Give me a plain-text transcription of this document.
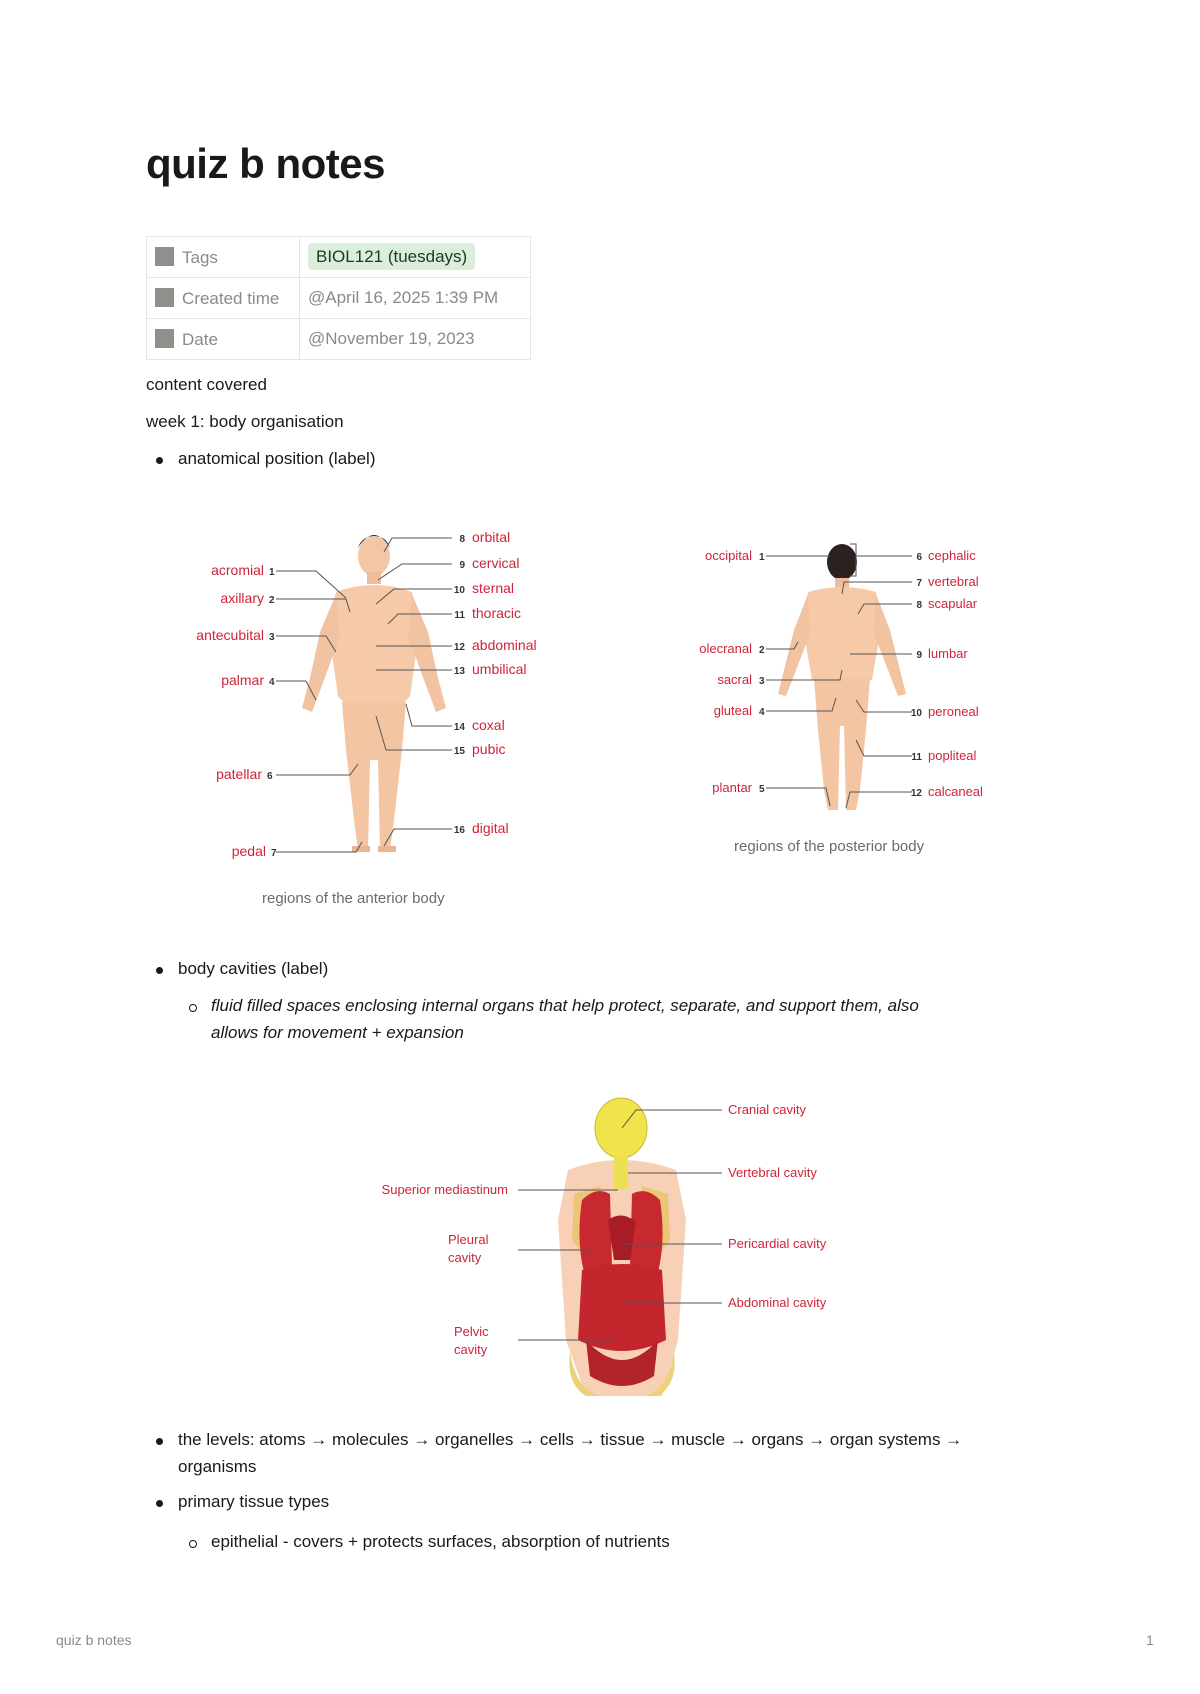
quiz b notes
Tags	BIOL121 (tuesdays)
Created time	@April 16, 2025 1:39 PM
Date	@November 19, 2023
content covered
week 1: body organisation
anatomical position (label)
acromial 1
axillary 2
antecubital 3
palmar 4
patellar 6
pedal 7
8 orbital
9 cervical
10 sternal
11 thoracic
12 abdominal
13 umbilical
14 coxal
15 pubic
16 digital
regions of the anterior body
occipital 1
olecranal 2
sacral 3
gluteal 4
plantar 5
6 cephalic
7 vertebral
8 scapular
9 lumbar
10 peroneal
11 popliteal
12 calcaneal
regions of the posterior body
body cavities (label)
fluid filled spaces enclosing internal organs that help protect, separate, and support them, also
allows for movement + expansion
Superior mediastinum
Pleural
cavity
Pelvic
cavity
Cranial cavity
Vertebral cavity
Pericardial cavity
Abdominal cavity
the levels: atoms → molecules → organelles → cells → tissue → muscle → organs → organ systems →
organisms
primary tissue types
epithelial - covers + protects surfaces, absorption of nutrients
quiz b notes	1
